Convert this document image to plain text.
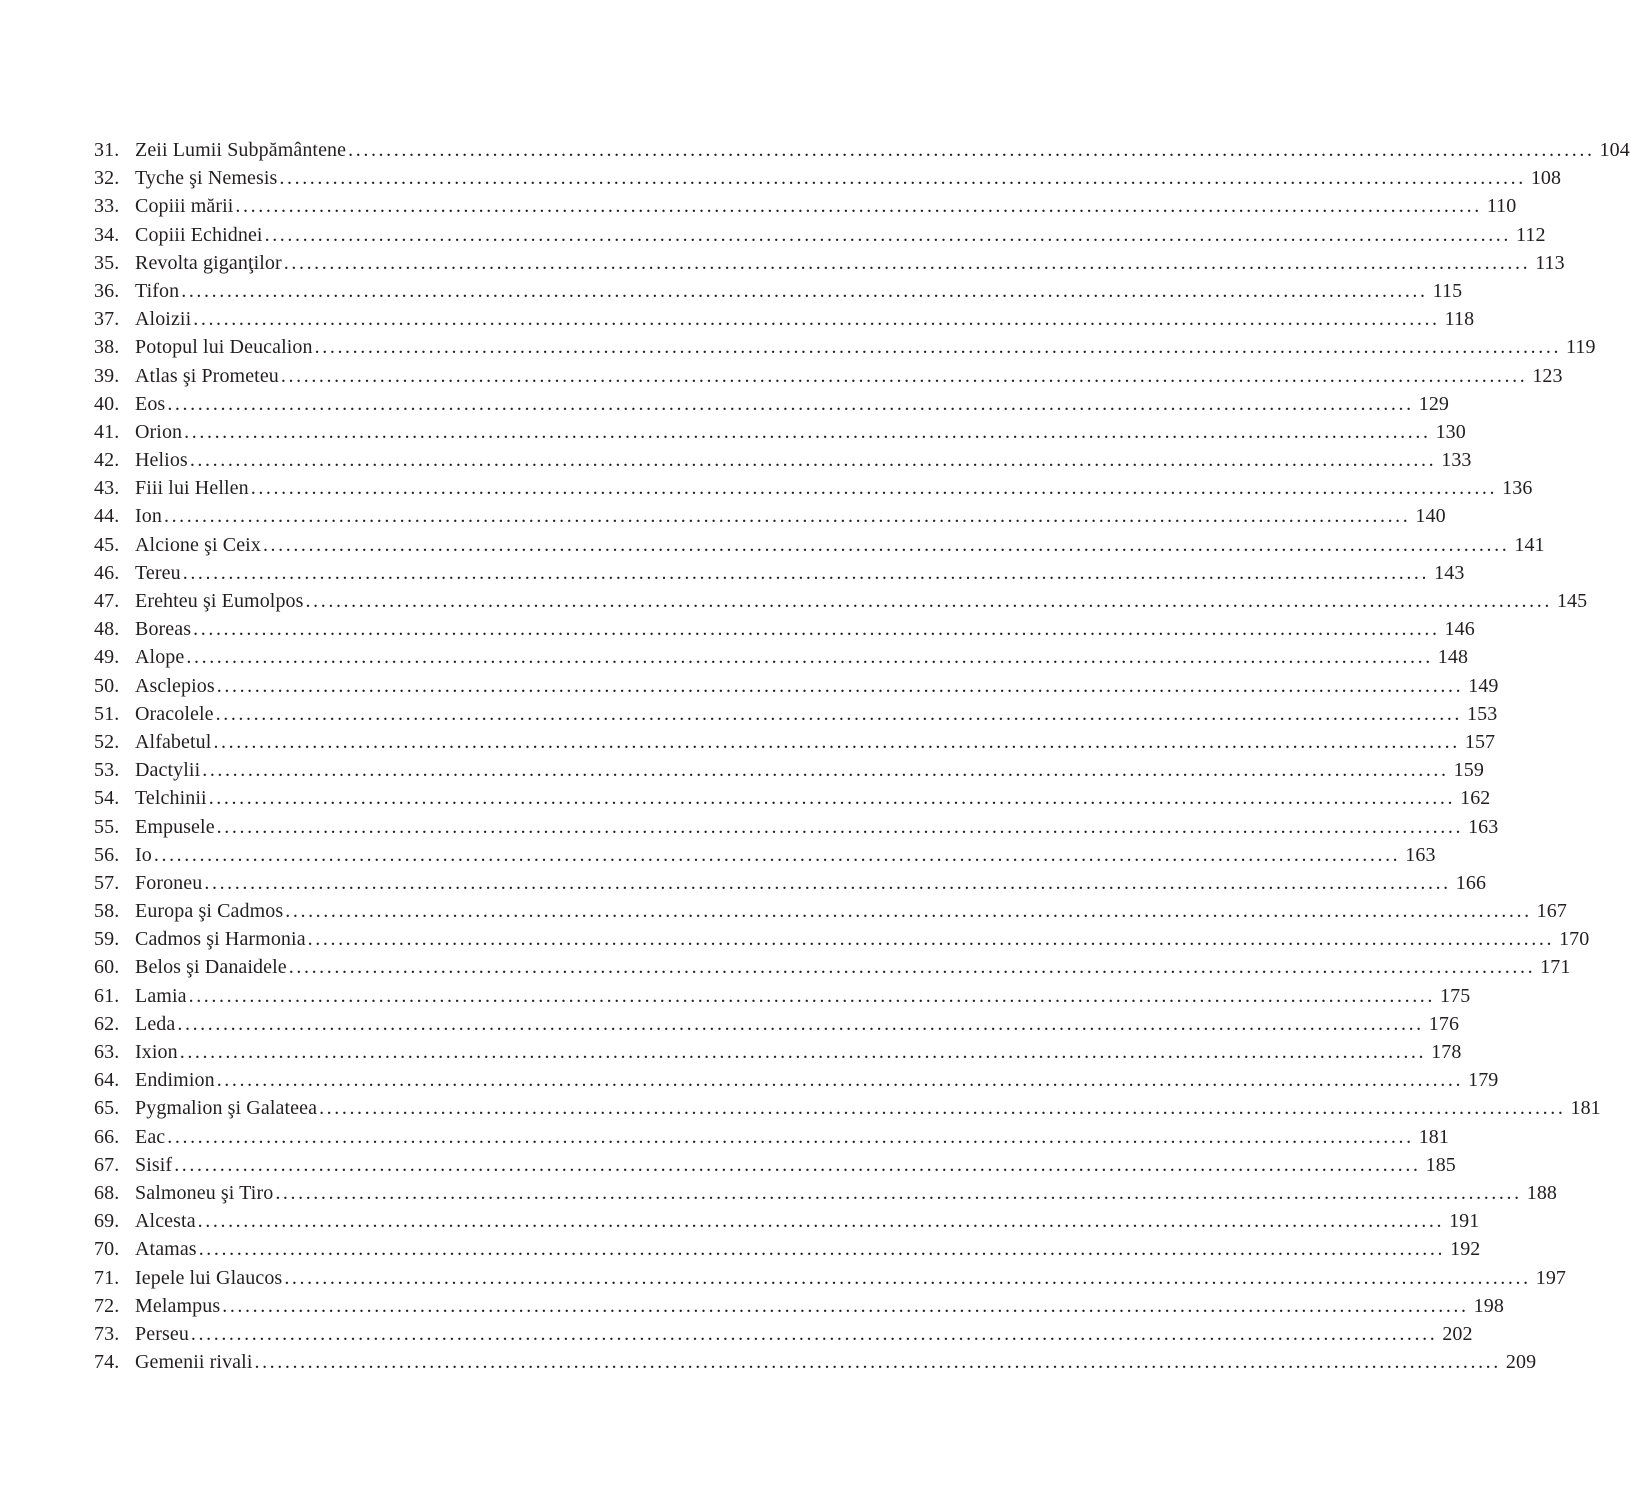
31. Zeii Lumii Subpământene .................................................................................................................................................................... 104
32. Tyche şi Nemesis .................................................................................................................................................................... 108
33. Copiii mării .................................................................................................................................................................... 110
34. Copiii Echidnei .................................................................................................................................................................... 112
35. Revolta giganţilor .................................................................................................................................................................... 113
36. Tifon .................................................................................................................................................................... 115
37. Aloizii .................................................................................................................................................................... 118
38. Potopul lui Deucalion .................................................................................................................................................................... 119
39. Atlas şi Prometeu .................................................................................................................................................................... 123
40. Eos .................................................................................................................................................................... 129
41. Orion .................................................................................................................................................................... 130
42. Helios .................................................................................................................................................................... 133
43. Fiii lui Hellen .................................................................................................................................................................... 136
44. Ion .................................................................................................................................................................... 140
45. Alcione şi Ceix .................................................................................................................................................................... 141
46. Tereu .................................................................................................................................................................... 143
47. Erehteu şi Eumolpos .................................................................................................................................................................... 145
48. Boreas .................................................................................................................................................................... 146
49. Alope .................................................................................................................................................................... 148
50. Asclepios .................................................................................................................................................................... 149
51. Oracolele .................................................................................................................................................................... 153
52. Alfabetul .................................................................................................................................................................... 157
53. Dactylii .................................................................................................................................................................... 159
54. Telchinii .................................................................................................................................................................... 162
55. Empusele .................................................................................................................................................................... 163
56. Io .................................................................................................................................................................... 163
57. Foroneu .................................................................................................................................................................... 166
58. Europa şi Cadmos .................................................................................................................................................................... 167
59. Cadmos şi Harmonia .................................................................................................................................................................... 170
60. Belos şi Danaidele .................................................................................................................................................................... 171
61. Lamia .................................................................................................................................................................... 175
62. Leda .................................................................................................................................................................... 176
63. Ixion .................................................................................................................................................................... 178
64. Endimion .................................................................................................................................................................... 179
65. Pygmalion şi Galateea .................................................................................................................................................................... 181
66. Eac .................................................................................................................................................................... 181
67. Sisif .................................................................................................................................................................... 185
68. Salmoneu şi Tiro .................................................................................................................................................................... 188
69. Alcesta .................................................................................................................................................................... 191
70. Atamas .................................................................................................................................................................... 192
71. Iepele lui Glaucos .................................................................................................................................................................... 197
72. Melampus .................................................................................................................................................................... 198
73. Perseu .................................................................................................................................................................... 202
74. Gemenii rivali .................................................................................................................................................................... 209
